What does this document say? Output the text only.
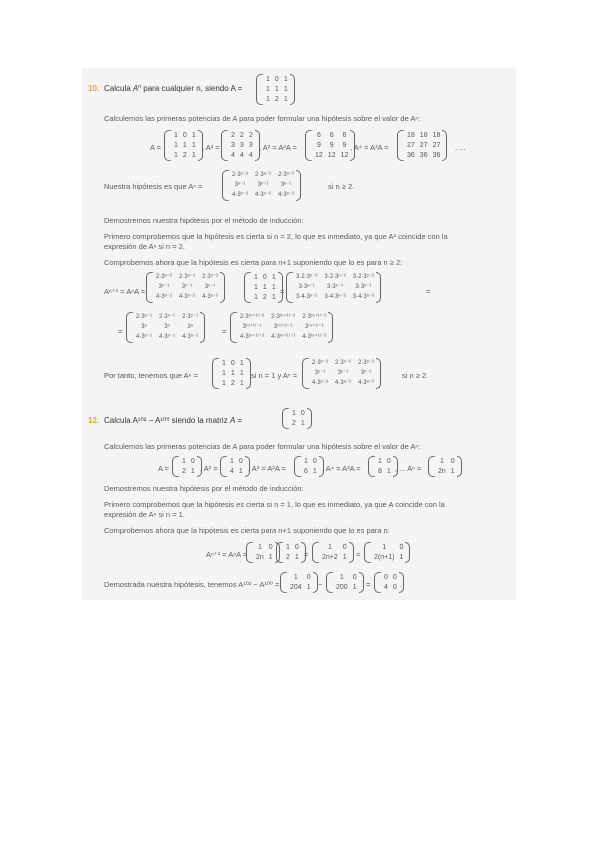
10. Calcula $A^n$ para cualquier n, siendo A =
1 0 1
1 1 1
1 2 1
Calculemos las primeras potencias de A para poder formular una hipótesis sobre el valor de Aⁿ:
A =
1 0 1
1 1 1
1 2 1
, A² =
2 2 2
3 3 3
4 4 4
, A³ = A²A =
6 6 6
9 9 9
12 12 12
, A⁴ = A³A =
18 18 18
27 27 27
36 36 36
, ...
Nuestra hipótesis es que Aⁿ =
2·3ⁿ⁻² 2·3ⁿ⁻² 2·3ⁿ⁻²
3ⁿ⁻¹ 3ⁿ⁻¹ 3ⁿ⁻¹
4·3ⁿ⁻² 4·3ⁿ⁻² 4·3ⁿ⁻²
si n ≥ 2.
Demostremos nuestra hipótesis por el método de inducción:
Primero comprobemos que la hipótesis es cierta si n = 2, lo que es inmediato, ya que A² coincide con la
expresión de Aⁿ si n = 2.
Comprobemos ahora que la hipótesis es cierta para n+1 suponiendo que lo es para n ≥ 2:
Aⁿ⁺¹ = AⁿA =
2·3ⁿ⁻² 2·3ⁿ⁻² 2·3ⁿ⁻²
3ⁿ⁻¹ 3ⁿ⁻¹ 3ⁿ⁻¹
4·3ⁿ⁻² 4·3ⁿ⁻² 4·3ⁿ⁻²
1 0 1
1 1 1
1 2 1
=
3·2·3ⁿ⁻² 3·2·3ⁿ⁻² 3·2·3ⁿ⁻²
3·3ⁿ⁻¹ 3·3ⁿ⁻¹ 3·3ⁿ⁻¹
3·4·3ⁿ⁻² 3·4·3ⁿ⁻² 3·4·3ⁿ⁻²
=
=
2·3ⁿ⁻¹ 2·3ⁿ⁻¹ 2·3ⁿ⁻¹
3ⁿ	3ⁿ	3ⁿ
4·3ⁿ⁻¹ 4·3ⁿ⁻¹ 4·3ⁿ⁻¹
=
2·3⁽ⁿ⁺¹⁾⁻² 2·3⁽ⁿ⁺¹⁾⁻² 2·3⁽ⁿ⁺¹⁾⁻²
3⁽ⁿ⁺¹⁾⁻¹ 3⁽ⁿ⁺¹⁾⁻¹ 3⁽ⁿ⁺¹⁾⁻¹
4·3⁽ⁿ⁺¹⁾⁻² 4·3⁽ⁿ⁺¹⁾⁻² 4·3⁽ⁿ⁺¹⁾⁻²
Por tanto, tenemos que Aⁿ =
1 0 1
1 1 1
1 2 1
si n = 1 y Aⁿ =
2·3ⁿ⁻² 2·3ⁿ⁻² 2·3ⁿ⁻²
3ⁿ⁻¹ 3ⁿ⁻¹ 3ⁿ⁻¹
4·3ⁿ⁻² 4·3ⁿ⁻² 4·3ⁿ⁻²
si n ≥ 2.
12. Calcula A¹⁰² − A¹⁰⁰ siendo la matriz A =
1 0
2 1
Calculemos las primeras potencias de A para poder formular una hipótesis sobre el valor de Aⁿ:
A =
1 0
2 1 , A² =
1 0
4 1 , A³ = A²A =
1 0
6 1 , A⁴ = A³A =
1 0
8 1 , ... Aⁿ =
1 0
2n 1
Demostremos nuestra hipótesis por el método de inducción:
Primero comprobemos que la hipótesis es cierta si n = 1, lo que es inmediato, ya que A coincide con la
expresión de Aⁿ si n = 1.
Comprobemos ahora que la hipótesis es cierta para n+1 suponiendo que lo es para n:
Aⁿ⁺¹ = AⁿA =
1 0
2n 1
1 0
2 1 =
1 0
2n+2 1 =
1 0
2(n+1) 1
Demostrada nuestra hipótesis, tenemos A¹⁰² − A¹⁰⁰ =
1 0
204 1 −
1 0
200 1 =
0 0
4 0 .
